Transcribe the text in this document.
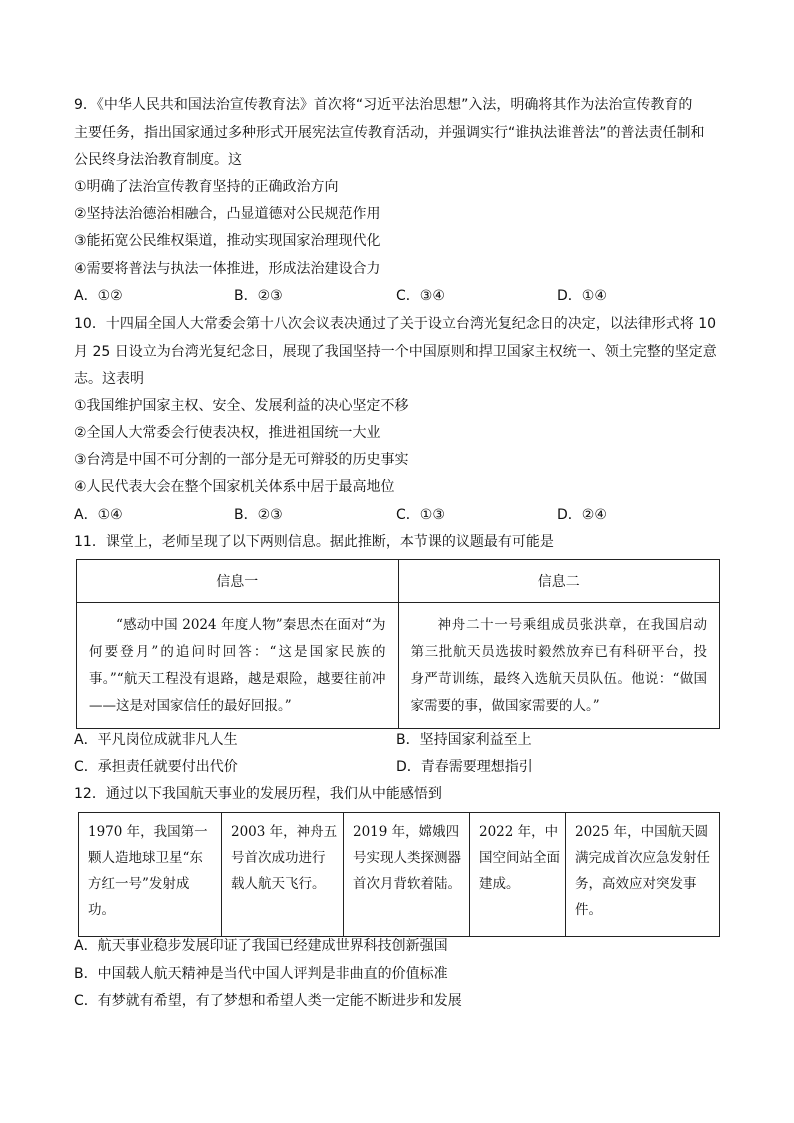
9．《中华人民共和国法治宣传教育法》首次将“习近平法治思想”入法，明确将其作为法治宣传教育的
主要任务，指出国家通过多种形式开展宪法宣传教育活动，并强调实行“谁执法谁普法”的普法责任制和
公民终身法治教育制度。这
①明确了法治宣传教育坚持的正确政治方向
②坚持法治德治相融合，凸显道德对公民规范作用
③能拓宽公民维权渠道，推动实现国家治理现代化
④需要将普法与执法一体推进，形成法治建设合力
A．①②	B．②③	C．③④	D．①④
10．十四届全国人大常委会第十八次会议表决通过了关于设立台湾光复纪念日的决定，以法律形式将 10
月 25 日设立为台湾光复纪念日，展现了我国坚持一个中国原则和捍卫国家主权统一、领土完整的坚定意
志。这表明
①我国维护国家主权、安全、发展利益的决心坚定不移
②全国人大常委会行使表决权，推进祖国统一大业
③台湾是中国不可分割的一部分是无可辩驳的历史事实
④人民代表大会在整个国家机关体系中居于最高地位
A．①④	B．②③	C．①③	D．②④
11．课堂上，老师呈现了以下两则信息。据此推断，本节课的议题最有可能是
信息一	信息二
“感动中国 2024 年度人物”秦思杰在面对“为何要登月”的追问时回答：“这是国家民族的事。”“航天工程没有退路，越是艰险，越要往前冲——这是对国家信任的最好回报。”	神舟二十一号乘组成员张洪章，在我国启动第三批航天员选拔时毅然放弃已有科研平台，投身严苛训练，最终入选航天员队伍。他说：“做国家需要的事，做国家需要的人。”
A．平凡岗位成就非凡人生	B．坚持国家利益至上
C．承担责任就要付出代价	D．青春需要理想指引
12．通过以下我国航天事业的发展历程，我们从中能感悟到
1970 年，我国第一颗人造地球卫星“东方红一号”发射成功。	2003 年，神舟五号首次成功进行载人航天飞行。	2019 年，嫦娥四号实现人类探测器首次月背软着陆。	2022 年，中国空间站全面建成。	2025 年，中国航天圆满完成首次应急发射任务，高效应对突发事件。
A．航天事业稳步发展印证了我国已经建成世界科技创新强国
B．中国载人航天精神是当代中国人评判是非曲直的价值标准
C．有梦就有希望，有了梦想和希望人类一定能不断进步和发展
